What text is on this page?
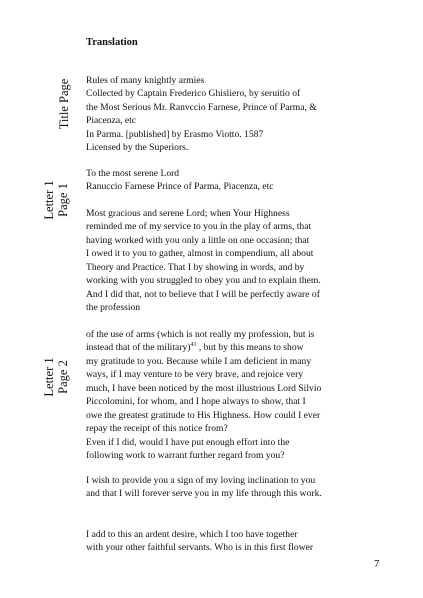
Translation
Title Page
Letter 1 Page 1
Letter 1 Page 2
Rules of many knightly armies
Collected by Captain Frederico Ghisliero, by seruitio of
the Most Serious Mr. Ranvccio Farnese, Prince of Parma, &
Piacenza, etc
In Parma. [published] by Erasmo Viotto. 1587
Licensed by the Superiors.
To the most serene Lord
Ranuccio Farnese Prince of Parma, Piacenza, etc
Most gracious and serene Lord; when Your Highness
reminded me of my service to you in the play of arms, that
having worked with you only a little on one occasion; that
I owed it to you to gather, almost in compendium, all about
Theory and Practice. That I by showing in words, and by
working with you struggled to obey you and to explain them.
And I did that, not to believe that I will be perfectly aware of
the profession
of the use of arms (which is not really my profession, but is
instead that of the military)$^{41}$ , but by this means to show
my gratitude to you. Because while I am deficient in many
ways, if I may venture to be very brave, and rejoice very
much, I have been noticed by the most illustrious Lord Silvio
Piccolomini, for whom, and I hope always to show, that I
owe the greatest gratitude to His Highness. How could I ever
repay the receipt of this notice from?
Even if I did, would I have put enough effort into the
following work to warrant further regard from you?
I wish to provide you a sign of my loving inclination to you
and that I will forever serve you in my life through this work.
I add to this an ardent desire, which I too have together
with your other faithful servants. Who is in this first flower
7
